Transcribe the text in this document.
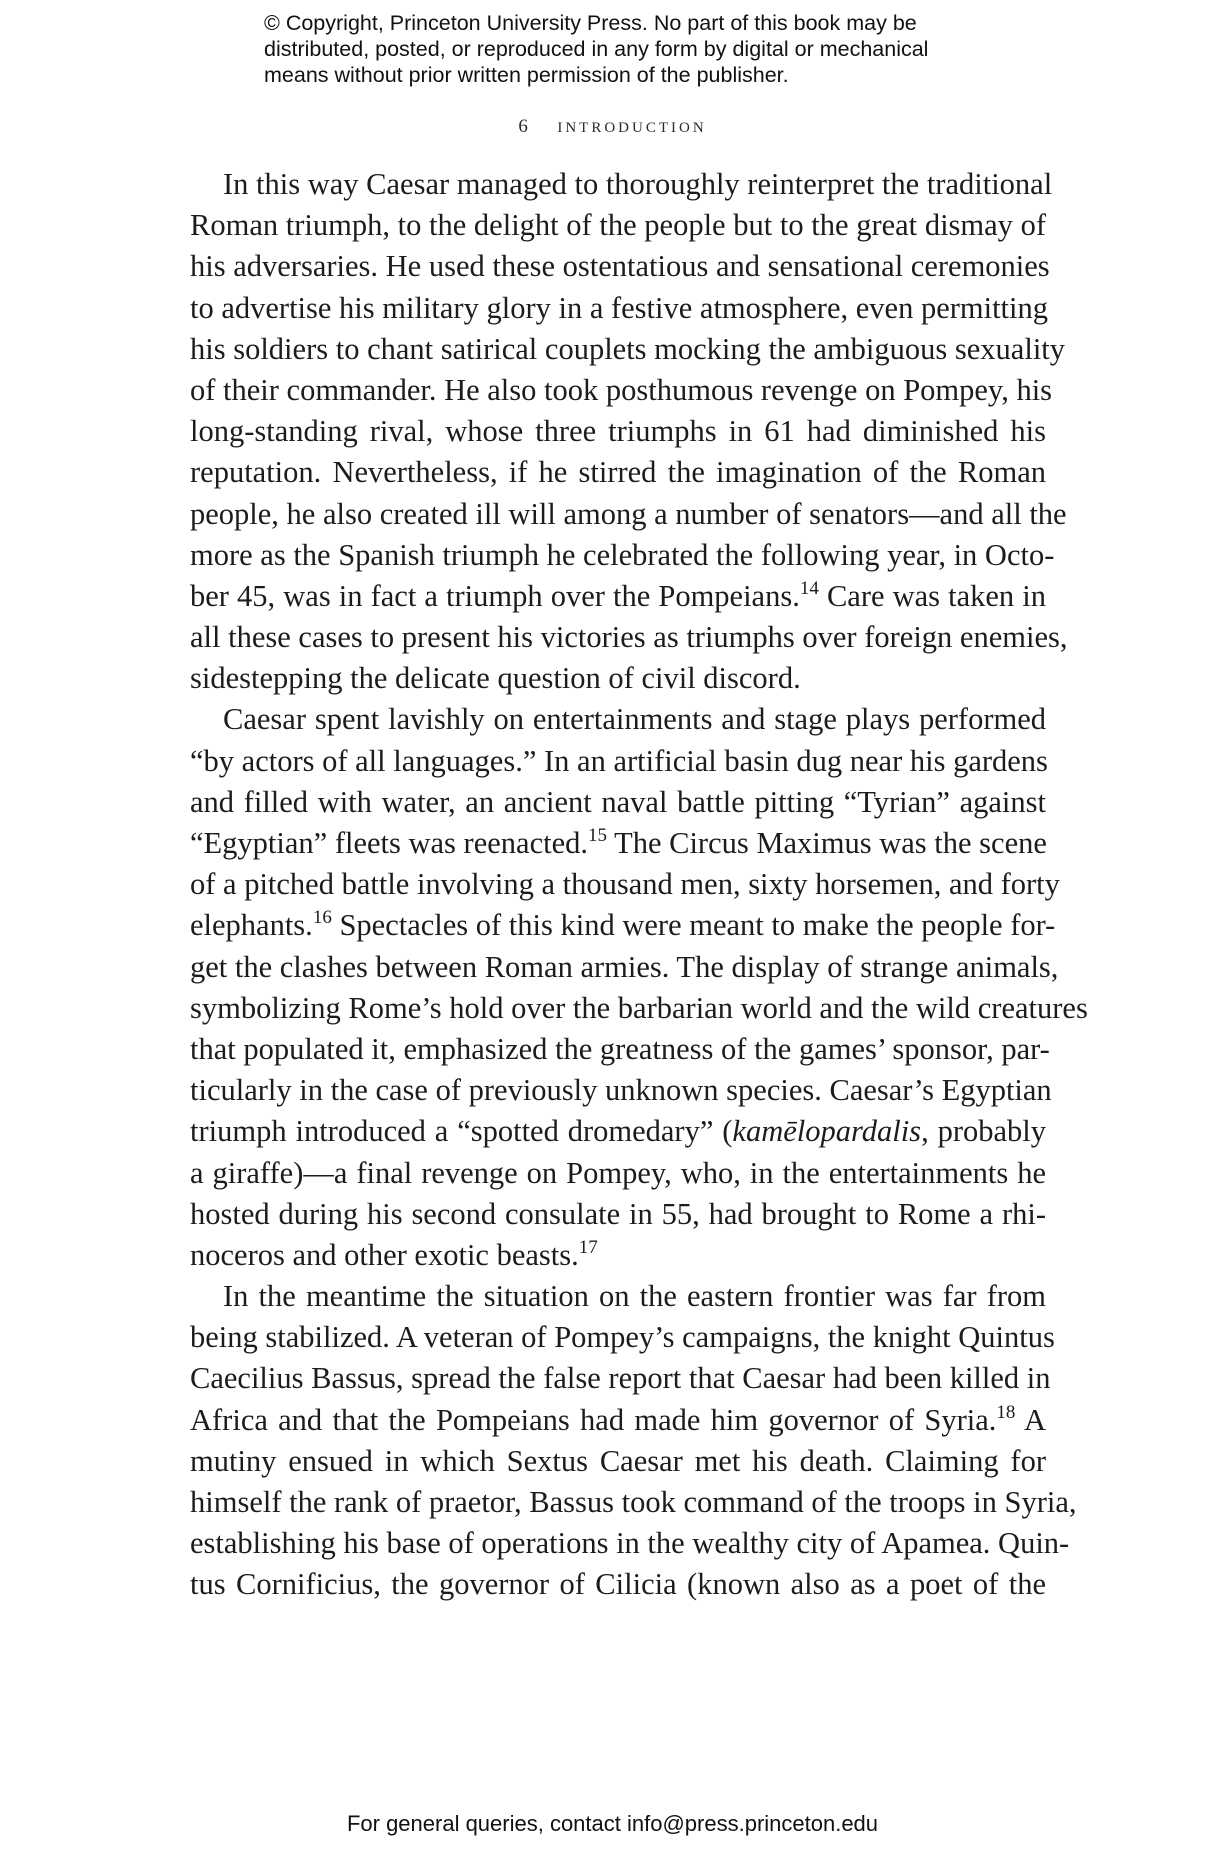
© Copyright, Princeton University Press. No part of this book may be
distributed, posted, or reproduced in any form by digital or mechanical
means without prior written permission of the publisher.
6 introduction
In this way Caesar managed to thoroughly reinterpret the traditional
Roman triumph, to the delight of the people but to the great dismay of
his adversaries. He used these ostentatious and sensational ceremonies
to advertise his military glory in a festive atmosphere, even permitting
his soldiers to chant satirical couplets mocking the ambiguous sexuality
of their commander. He also took posthumous revenge on Pompey, his
long-standing rival, whose three triumphs in 61 had diminished his
reputation. Nevertheless, if he stirred the imagination of the Roman
people, he also created ill will among a number of senators—and all the
more as the Spanish triumph he celebrated the following year, in Octo-
ber 45, was in fact a triumph over the Pompeians.$^{14}$ Care was taken in
all these cases to present his victories as triumphs over foreign enemies,
sidestepping the delicate question of civil discord.
Caesar spent lavishly on entertainments and stage plays performed
“by actors of all languages.” In an artificial basin dug near his gardens
and filled with water, an ancient naval battle pitting “Tyrian” against
“Egyptian” fleets was reenacted.$^{15}$ The Circus Maximus was the scene
of a pitched battle involving a thousand men, sixty horsemen, and forty
elephants.$^{16}$ Spectacles of this kind were meant to make the people for-
get the clashes between Roman armies. The display of strange animals,
symbolizing Rome’s hold over the barbarian world and the wild creatures
that populated it, emphasized the greatness of the games’ sponsor, par-
ticularly in the case of previously unknown species. Caesar’s Egyptian
triumph introduced a “spotted dromedary” (kamēlopardalis, probably
a giraffe)—a final revenge on Pompey, who, in the entertainments he
hosted during his second consulate in 55, had brought to Rome a rhi-
noceros and other exotic beasts.$^{17}$
In the meantime the situation on the eastern frontier was far from
being stabilized. A veteran of Pompey’s campaigns, the knight Quintus
Caecilius Bassus, spread the false report that Caesar had been killed in
Africa and that the Pompeians had made him governor of Syria.$^{18}$ A
mutiny ensued in which Sextus Caesar met his death. Claiming for
himself the rank of praetor, Bassus took command of the troops in Syria,
establishing his base of operations in the wealthy city of Apamea. Quin-
tus Cornificius, the governor of Cilicia (known also as a poet of the
For general queries, contact info@press.princeton.edu
